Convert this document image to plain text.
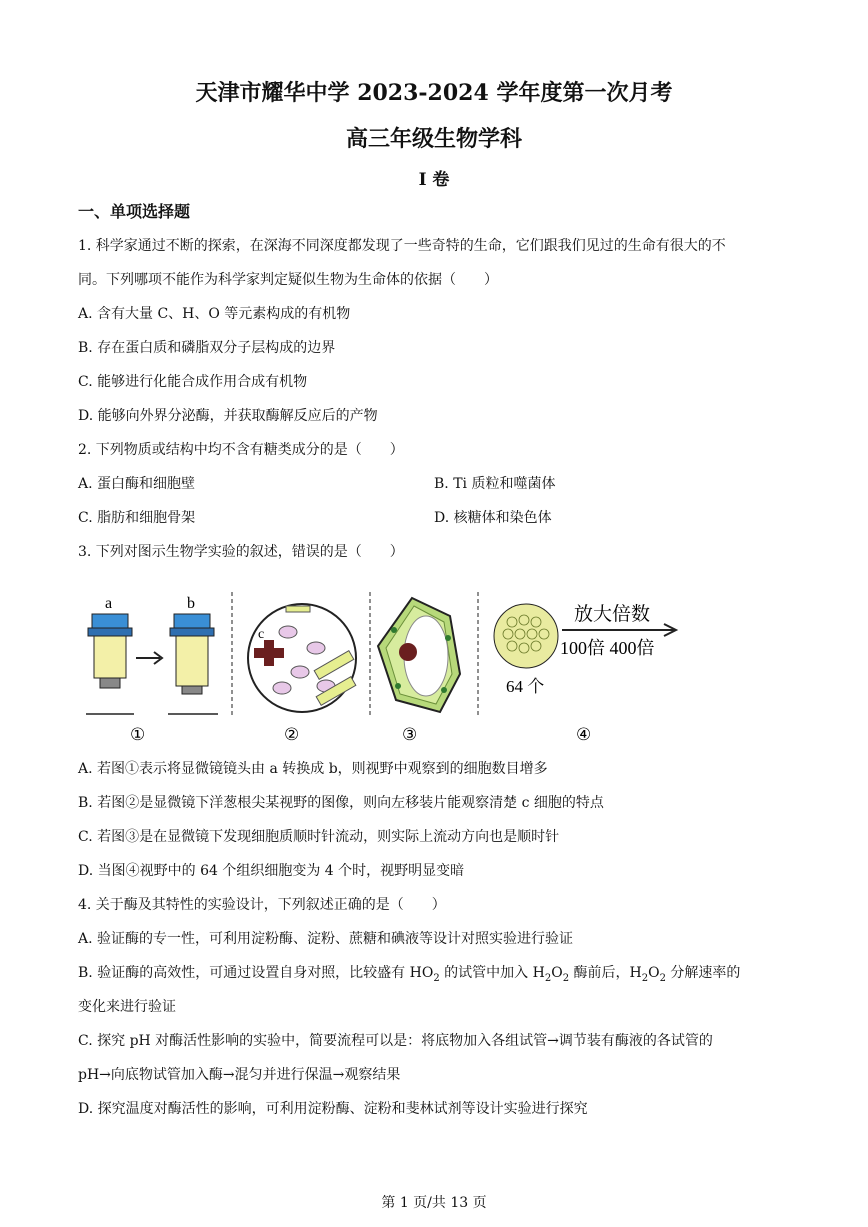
天津市耀华中学 2023-2024 学年度第一次月考
高三年级生物学科
I 卷
一、单项选择题
1. 科学家通过不断的探索，在深海不同深度都发现了一些奇特的生命，它们跟我们见过的生命有很大的不
同。下列哪项不能作为科学家判定疑似生物为生命体的依据（　　）
A. 含有大量 C、H、O 等元素构成的有机物
B. 存在蛋白质和磷脂双分子层构成的边界
C. 能够进行化能合成作用合成有机物
D. 能够向外界分泌酶，并获取酶解反应后的产物
2. 下列物质或结构中均不含有糖类成分的是（　　）
A. 蛋白酶和细胞壁	B. Ti 质粒和噬菌体
C. 脂肪和细胞骨架	D. 核糖体和染色体
3. 下列对图示生物学实验的叙述，错误的是（　　）
a	b
c
放大倍数
100倍 400倍
64 个
①	②	③	④
A. 若图①表示将显微镜镜头由 a 转换成 b，则视野中观察到的细胞数目增多
B. 若图②是显微镜下洋葱根尖某视野的图像，则向左移装片能观察清楚 c 细胞的特点
C. 若图③是在显微镜下发现细胞质顺时针流动，则实际上流动方向也是顺时针
D. 当图④视野中的 64 个组织细胞变为 4 个时，视野明显变暗
4. 关于酶及其特性的实验设计，下列叙述正确的是（　　）
A. 验证酶的专一性，可利用淀粉酶、淀粉、蔗糖和碘液等设计对照实验进行验证
B. 验证酶的高效性，可通过设置自身对照，比较盛有 $HO_2$ 的试管中加入 $H_2O_2$ 酶前后，$H_2O_2$ 分解速率的
变化来进行验证
C. 探究 pH 对酶活性影响的实验中，简要流程可以是：将底物加入各组试管→调节装有酶液的各试管的
pH→向底物试管加入酶→混匀并进行保温→观察结果
D. 探究温度对酶活性的影响，可利用淀粉酶、淀粉和斐林试剂等设计实验进行探究
第 1 页/共 13 页
